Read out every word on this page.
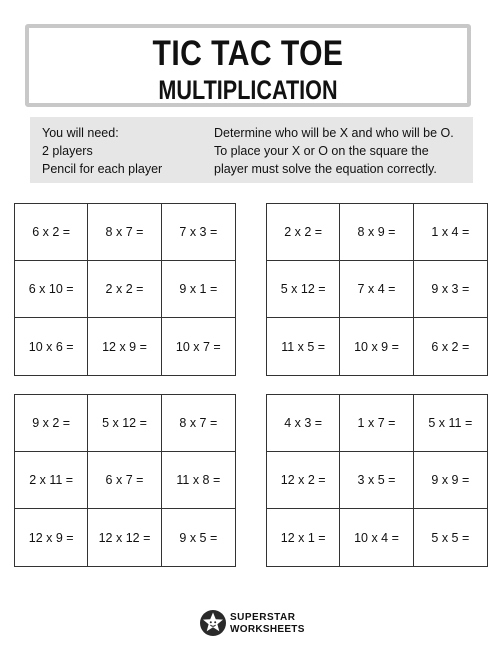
TIC TAC TOE
MULTIPLICATION
You will need:
2 players
Pencil for each player
Determine who will be X and who will be O.
To place your X or O on the square the
player must solve the equation correctly.
6 x 2 =	8 x 7 =	7 x 3 =
6 x 10 =	2 x 2 =	9 x 1 =
10 x 6 =	12 x 9 =	10 x 7 =
2 x 2 =	8 x 9 =	1 x 4 =
5 x 12 =	7 x 4 =	9 x 3 =
11 x 5 =	10 x 9 =	6 x 2 =
9 x 2 =	5 x 12 =	8 x 7 =
2 x 11 =	6 x 7 =	11 x 8 =
12 x 9 =	12 x 12 =	9 x 5 =
4 x 3 =	1 x 7 =	5 x 11 =
12 x 2 =	3 x 5 =	9 x 9 =
12 x 1 =	10 x 4 =	5 x 5 =
SUPERSTAR
WORKSHEETS
